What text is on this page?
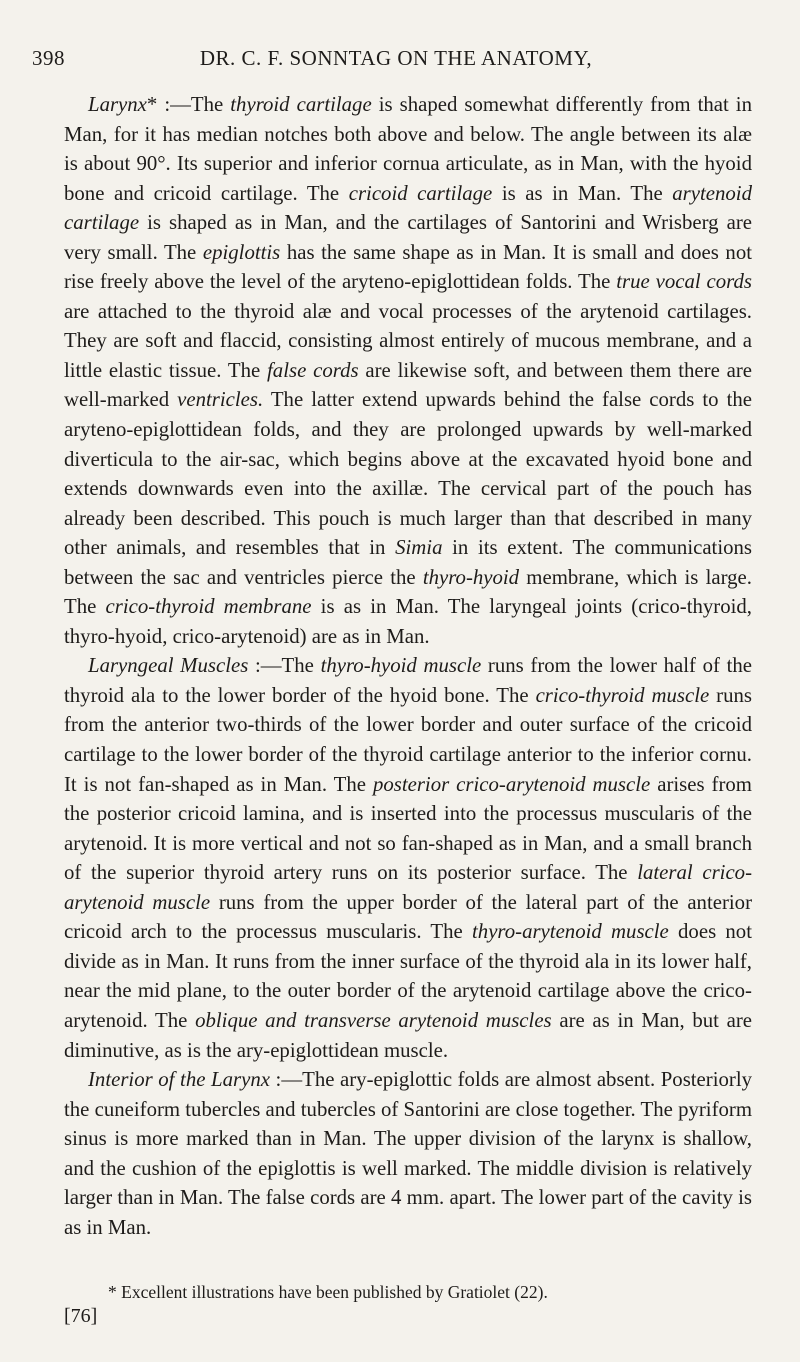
398	DR. C. F. SONNTAG ON THE ANATOMY,

Larynx* :—The thyroid cartilage is shaped somewhat differently from that in Man, for it has median notches both above and below. The angle between its alæ is about 90°. Its superior and inferior cornua articulate, as in Man, with the hyoid bone and cricoid cartilage. The cricoid cartilage is as in Man. The arytenoid cartilage is shaped as in Man, and the cartilages of Santorini and Wrisberg are very small. The epiglottis has the same shape as in Man. It is small and does not rise freely above the level of the aryteno-epiglottidean folds. The true vocal cords are attached to the thyroid alæ and vocal processes of the arytenoid cartilages. They are soft and flaccid, consisting almost entirely of mucous membrane, and a little elastic tissue. The false cords are likewise soft, and between them there are well-marked ventricles. The latter extend upwards behind the false cords to the aryteno-epiglottidean folds, and they are prolonged upwards by well-marked diverticula to the air-sac, which begins above at the excavated hyoid bone and extends downwards even into the axillæ. The cervical part of the pouch has already been described. This pouch is much larger than that described in many other animals, and resembles that in Simia in its extent. The communications between the sac and ventricles pierce the thyro-hyoid membrane, which is large. The crico-thyroid membrane is as in Man. The laryngeal joints (crico-thyroid, thyro-hyoid, crico-arytenoid) are as in Man.

Laryngeal Muscles :—The thyro-hyoid muscle runs from the lower half of the thyroid ala to the lower border of the hyoid bone. The crico-thyroid muscle runs from the anterior two-thirds of the lower border and outer surface of the cricoid cartilage to the lower border of the thyroid cartilage anterior to the inferior cornu. It is not fan-shaped as in Man. The posterior crico-arytenoid muscle arises from the posterior cricoid lamina, and is inserted into the processus muscularis of the arytenoid. It is more vertical and not so fan-shaped as in Man, and a small branch of the superior thyroid artery runs on its posterior surface. The lateral crico-arytenoid muscle runs from the upper border of the lateral part of the anterior cricoid arch to the processus muscularis. The thyro-arytenoid muscle does not divide as in Man. It runs from the inner surface of the thyroid ala in its lower half, near the mid plane, to the outer border of the arytenoid cartilage above the crico-arytenoid. The oblique and transverse arytenoid muscles are as in Man, but are diminutive, as is the ary-epiglottidean muscle.

Interior of the Larynx :—The ary-epiglottic folds are almost absent. Posteriorly the cuneiform tubercles and tubercles of Santorini are close together. The pyriform sinus is more marked than in Man. The upper division of the larynx is shallow, and the cushion of the epiglottis is well marked. The middle division is relatively larger than in Man. The false cords are 4 mm. apart. The lower part of the cavity is as in Man.

* Excellent illustrations have been published by Gratiolet (22).
[76]
